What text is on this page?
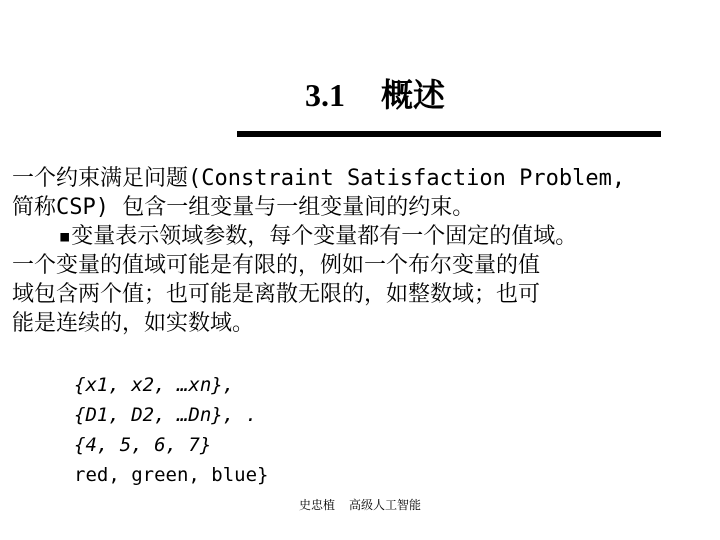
3.1 概述
一个约束满足问题(Constraint Satisfaction Problem,
简称CSP) 包含一组变量与一组变量间的约束。
▪变量表示领域参数，每个变量都有一个固定的值域。
一个变量的值域可能是有限的，例如一个布尔变量的值
域包含两个值；也可能是离散无限的，如整数域；也可
能是连续的，如实数域。
{x1, x2, …xn},
{D1, D2, …Dn}, .
{4, 5, 6, 7}
red, green, blue}
史忠植 高级人工智能
